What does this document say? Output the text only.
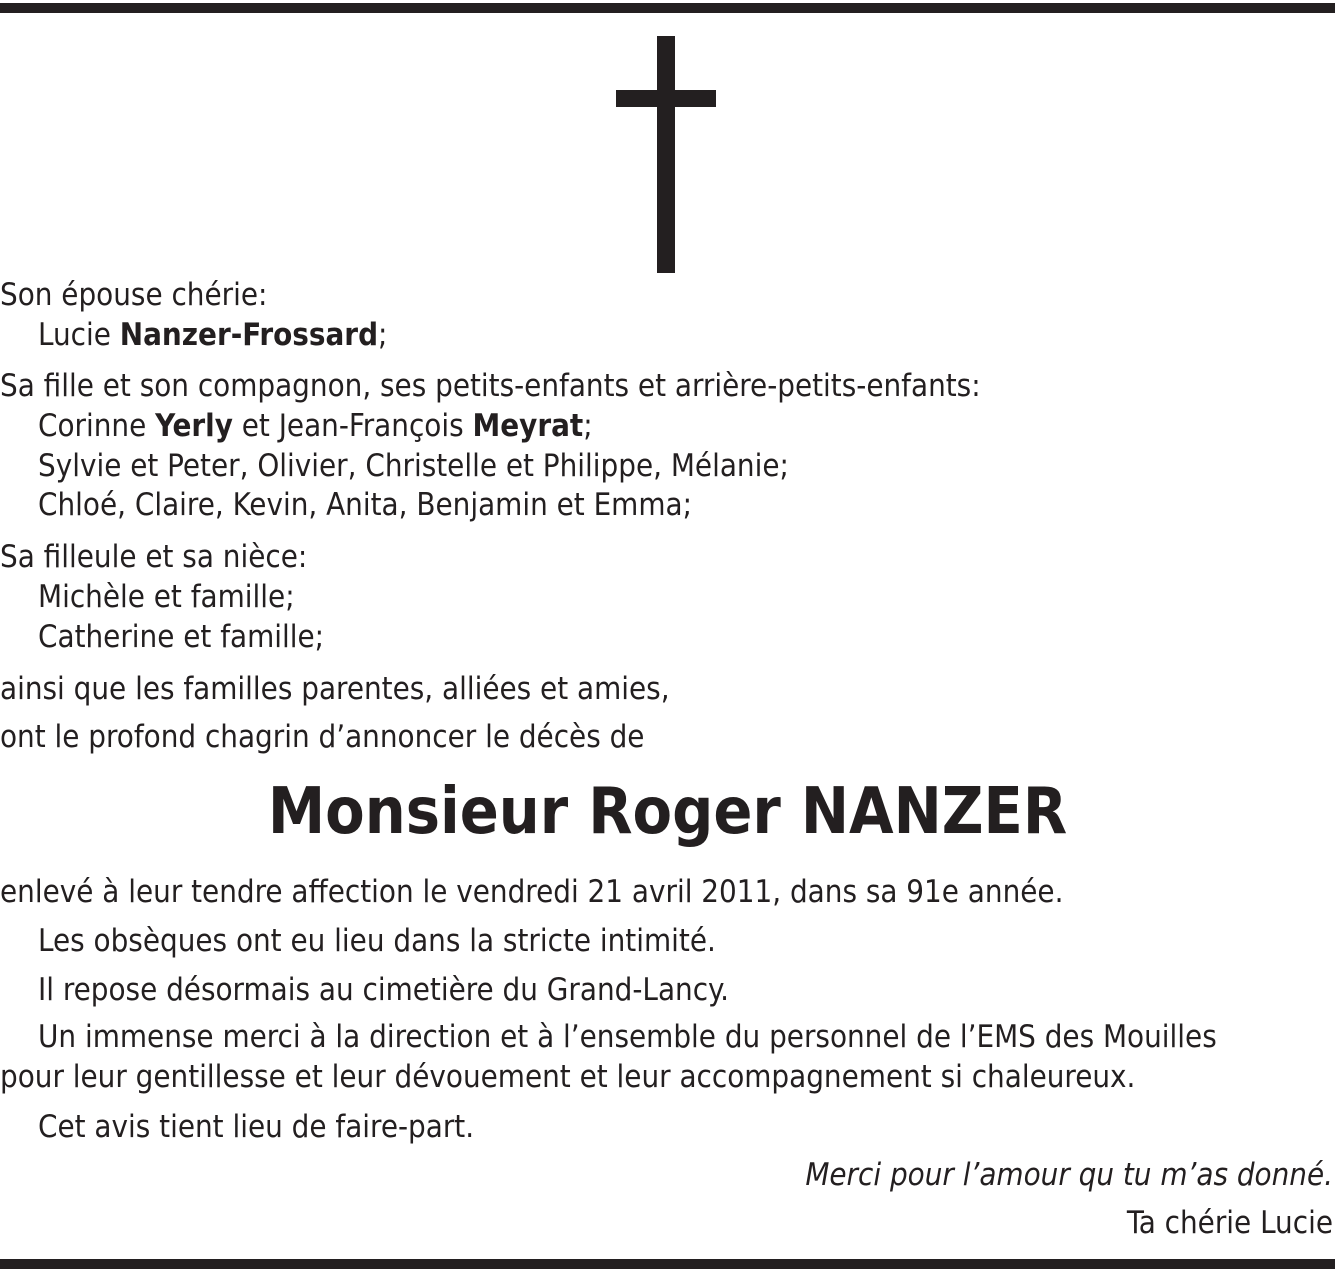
Son épouse chérie:
Lucie Nanzer-Frossard;
Sa fille et son compagnon, ses petits-enfants et arrière-petits-enfants:
Corinne Yerly et Jean-François Meyrat;
Sylvie et Peter, Olivier, Christelle et Philippe, Mélanie;
Chloé, Claire, Kevin, Anita, Benjamin et Emma;
Sa filleule et sa nièce:
Michèle et famille;
Catherine et famille;
ainsi que les familles parentes, alliées et amies,
ont le profond chagrin d’annoncer le décès de
Monsieur Roger NANZER
enlevé à leur tendre affection le vendredi 21 avril 2011, dans sa 91e année.
Les obsèques ont eu lieu dans la stricte intimité.
Il repose désormais au cimetière du Grand-Lancy.
Un immense merci à la direction et à l’ensemble du personnel de l’EMS des Mouilles
pour leur gentillesse et leur dévouement et leur accompagnement si chaleureux.
Cet avis tient lieu de faire-part.
Merci pour l’amour qu tu m’as donné.
Ta chérie Lucie
